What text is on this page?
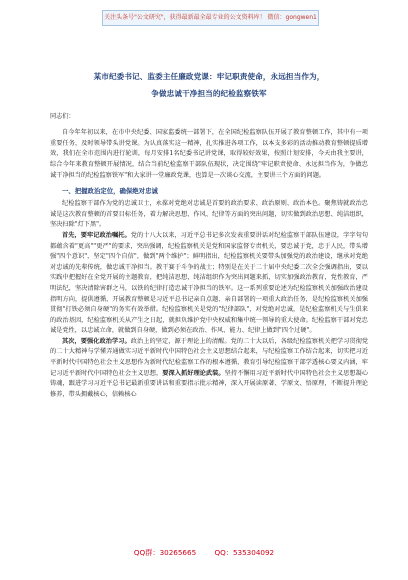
关注头条号"公文研究"，获得最新最全最专业的公文资料库！ 微信：gongwen1

某市纪委书记、监委主任廉政党课：牢记职责使命，永远担当作为，

争做忠诚干净担当的纪检监察铁军

同志们：

自今年年初以来，在市中央纪委、国家监委统一部署下，在全国纪检监察队伍开展了教育整顿工作，其中有一项重要任务，及时领导带头讲党课。为认真落实这一精神，扎实推进各项工作，以本支多彩的活动推动教育整顿提质增效，我们在全市范围内进行轮训，每月安排1名纪委书记讲党课，取得较好效果，按照计划安排，今天由我主要讲，综合今年来教育整顿开展情况，结合当前纪检监察干部队伍现状，决定围绕"牢记职责使命、永远担当作为，争做忠诚干净担当的纪检监察铁军"和大家讲一堂廉政党课，也算是一次谈心交流，主要讲三个方面的问题。

一、把握政治定位，确保绝对忠诚

纪检监察干部作为党的忠诚卫士，永葆对党绝对忠诚是首要的政治要求、政治原则、政治本色。聚焦铸就政治忠诚是这次教育整顿的首要目标任务，着力解决思想、作风、纪律等方面的突出问题，切实做到政治思想、纯洁组织，坚决扫除"灯下黑"。

首先，要牢记政治嘱托。党的十八大以来，习近平总书记多次发表重要讲话对纪检监察干部队伍建设，字字句句都蕴含着"更高""更严"的要求，突出强调，纪检监察机关是党和国家监督专责机关，要忠诚于党，忠于人民，带头增强"四个意识"，坚定"四个自信"，做到"两个维护"；鲜明指出，纪检监察机关要带头加强党的政治建设，继承对党绝对忠诚的先辈传统，做忠诚干净担当。教干赛于斗争的战士；特别是在关于二十届中央纪委二次全会强调指出，要以实践中把握好在全党开展的主题教育，把纯洁思想，纯洁组织作为突出问题来抓，切实加强政治教育，党性教育，严明法纪，坚决清除害群之马，以铁的纪律打造忠诚干净担当的铁军。这一系列重要论述为纪检监察机关加强政治建设指明方向，提供遵循，开展教育整顿是习近平总书记亲自点题、亲自部署的一项重大政治任务，是纪检监察机关加强贯彻"打铁必须自身硬"的务实有效举措。纪检监察机关是党的"纪律部队"，对党绝对忠诚，是纪检监察机关与生俱来的政治基因，纪检监察机关从产生之日起，就担负维护党中央权威和集中统一领导的重大使命。纪检监察干部对党忠诚是党性，以忠诚立命，就做到自身硬，做到必须在政治、作风、能力、纪律上做到"四个过硬"。

其次，要强化政治学习。政治上的坚定，源于理论上的清醒。党的二十大以后，各级纪检监察机关把学习贯彻党的二十大精神与学懂弄通做实习近平新时代中国特色社会主义思想结合起来，与纪检监察工作结合起来，切实把习近平新时代中国特色社会主义思想作为新时代纪检监察工作的根本遵循，教育引导纪检监察干部学透核心要义内涵，牢记习近平新时代中国特色社会主义思想，要深入抓好理论武装。坚持不懈用习近平新时代中国特色社会主义思想凝心铸魂，跟进学习习近平总书记最新重要讲话和重要指示批示精神，深入开展读原著、学原文、悟原理，不断提升理论修养，带头拥戴核心，信赖核心

QQ群：30265665	QQ：535304092
